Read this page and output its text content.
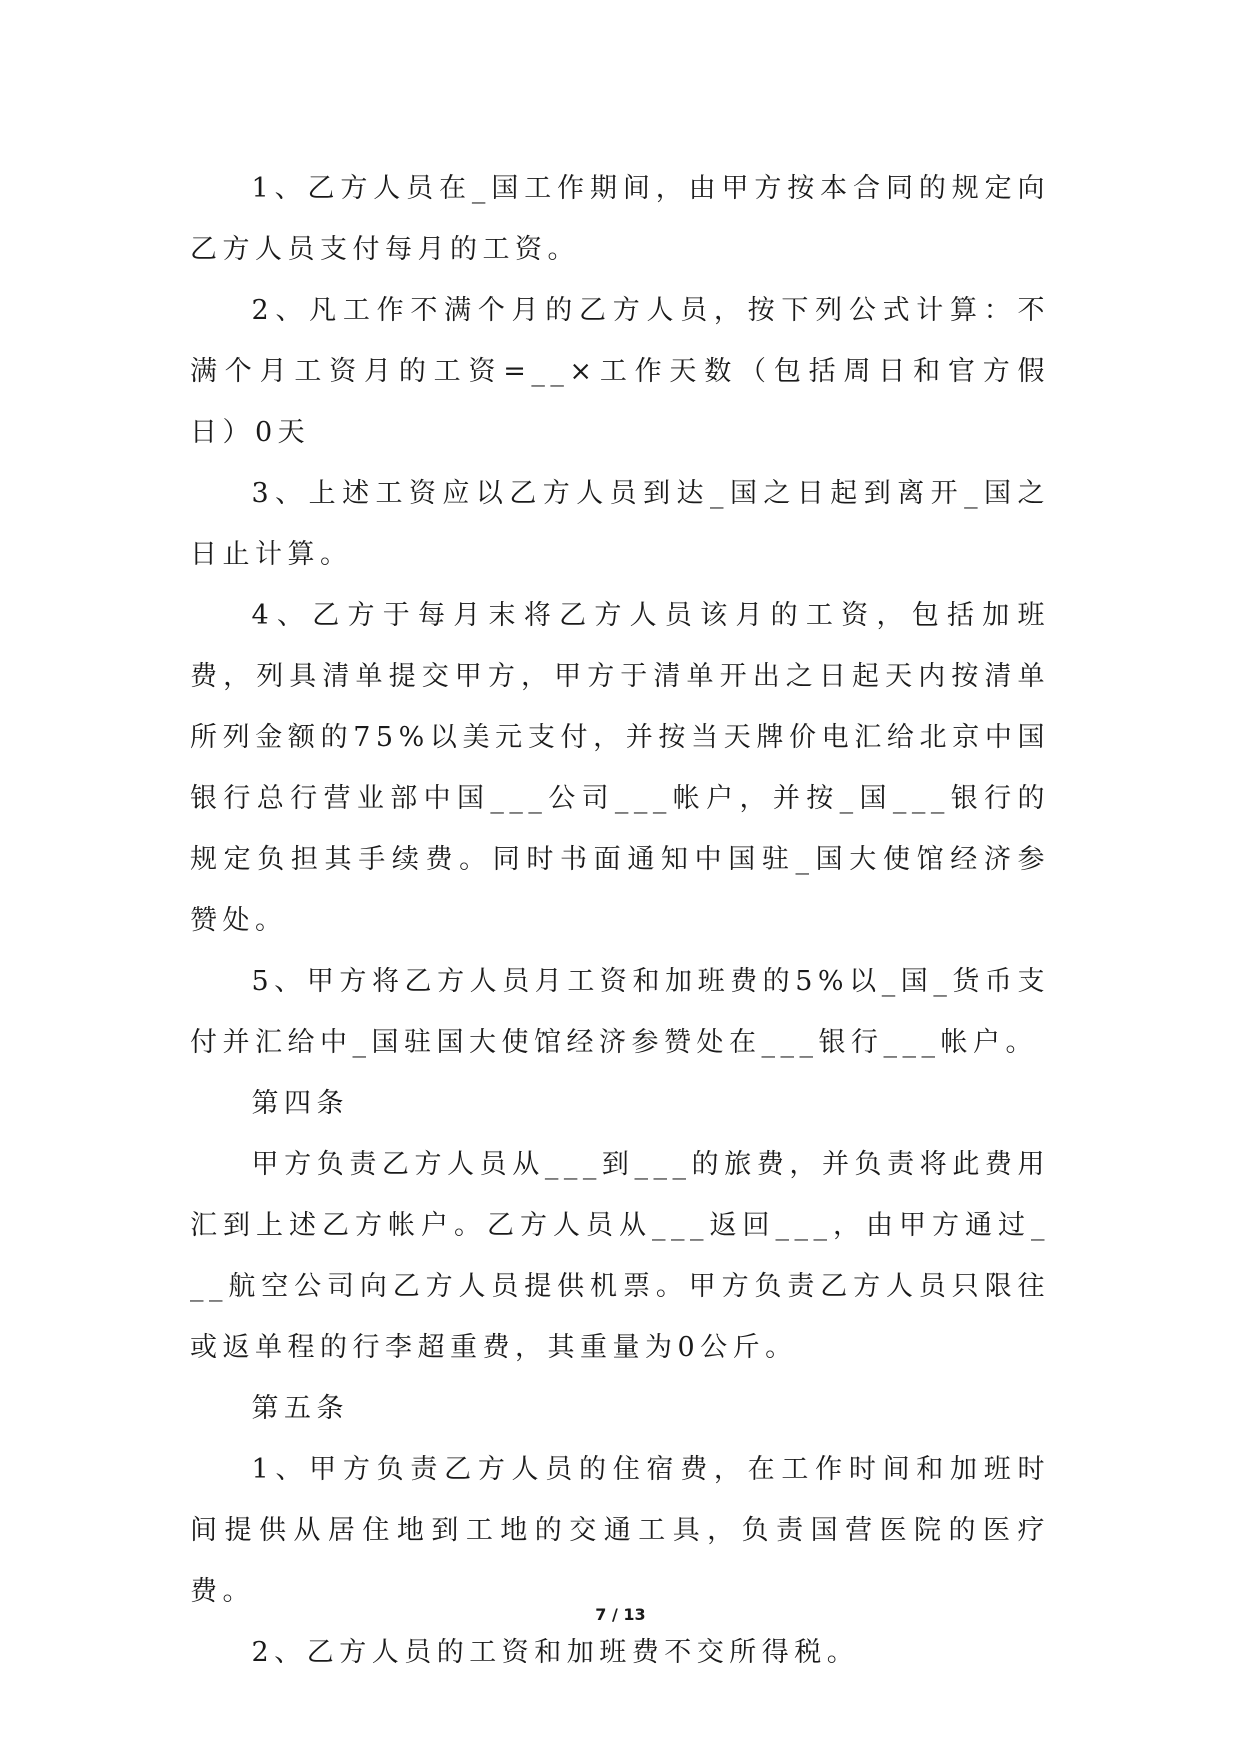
1、乙方人员在_国工作期间，由甲方按本合同的规定向乙方人员支付每月的工资。

2、凡工作不满个月的乙方人员，按下列公式计算：不满个月工资月的工资=__×工作天数（包括周日和官方假日）0天

3、上述工资应以乙方人员到达_国之日起到离开_国之日止计算。

4、乙方于每月末将乙方人员该月的工资，包括加班费，列具清单提交甲方，甲方于清单开出之日起天内按清单所列金额的75%以美元支付，并按当天牌价电汇给北京中国银行总行营业部中国___公司___帐户，并按_国___银行的规定负担其手续费。同时书面通知中国驻_国大使馆经济参赞处。

5、甲方将乙方人员月工资和加班费的5%以_国_货币支付并汇给中_国驻国大使馆经济参赞处在___银行___帐户。

第四条

甲方负责乙方人员从___到___的旅费，并负责将此费用汇到上述乙方帐户。乙方人员从___返回___，由甲方通过___航空公司向乙方人员提供机票。甲方负责乙方人员只限往或返单程的行李超重费，其重量为0公斤。

第五条

1、甲方负责乙方人员的住宿费，在工作时间和加班时间提供从居住地到工地的交通工具，负责国营医院的医疗费。

2、乙方人员的工资和加班费不交所得税。

7 / 13
